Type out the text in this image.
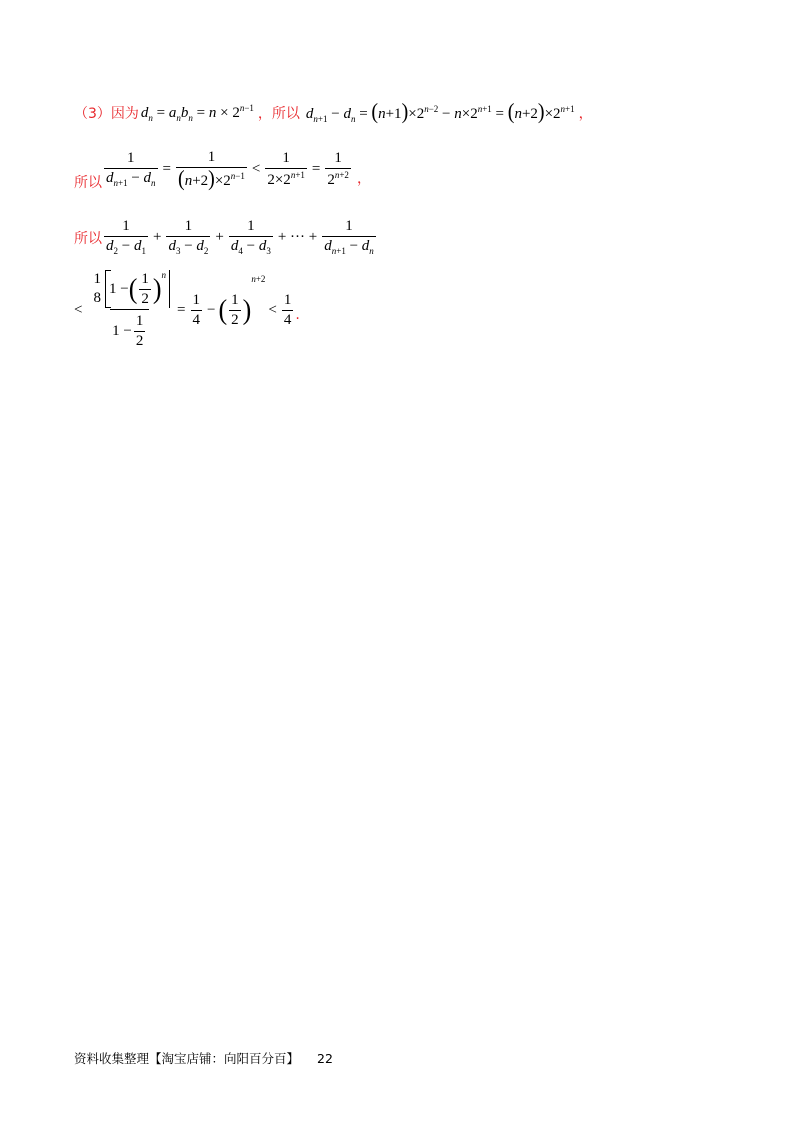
（3）因为 $d_n = a_nb_n = n \times 2^{n-1}$ ，所以 $d_{n+1} - d_n = (n+1)\times 2^{n-2} - n\times 2^{n+1} = (n+2)\times 2^{n+1}$ ，
所以 $\frac{1}{d_{n+1} - d_n} = \frac{1}{(n+2)\times 2^{n-1}} < \frac{1}{2\times 2^{n+1}} = \frac{1}{2^{n+2}}$ ，
所以 $\frac{1}{d_2 - d_1} + \frac{1}{d_3 - d_2} + \frac{1}{d_4 - d_3}$ + ··· + $\frac{1}{d_{n+1} - d_n}$
< 1
8
1 − ( $\frac{1}{2}$ ) $^n$
$1 - \frac{1}{2} = \frac{1}{4}$ − ( $\frac{1}{2}$ )
n+2
< $\frac{1}{4}$ .
资料收集整理【淘宝店铺：向阳百分百】 22
